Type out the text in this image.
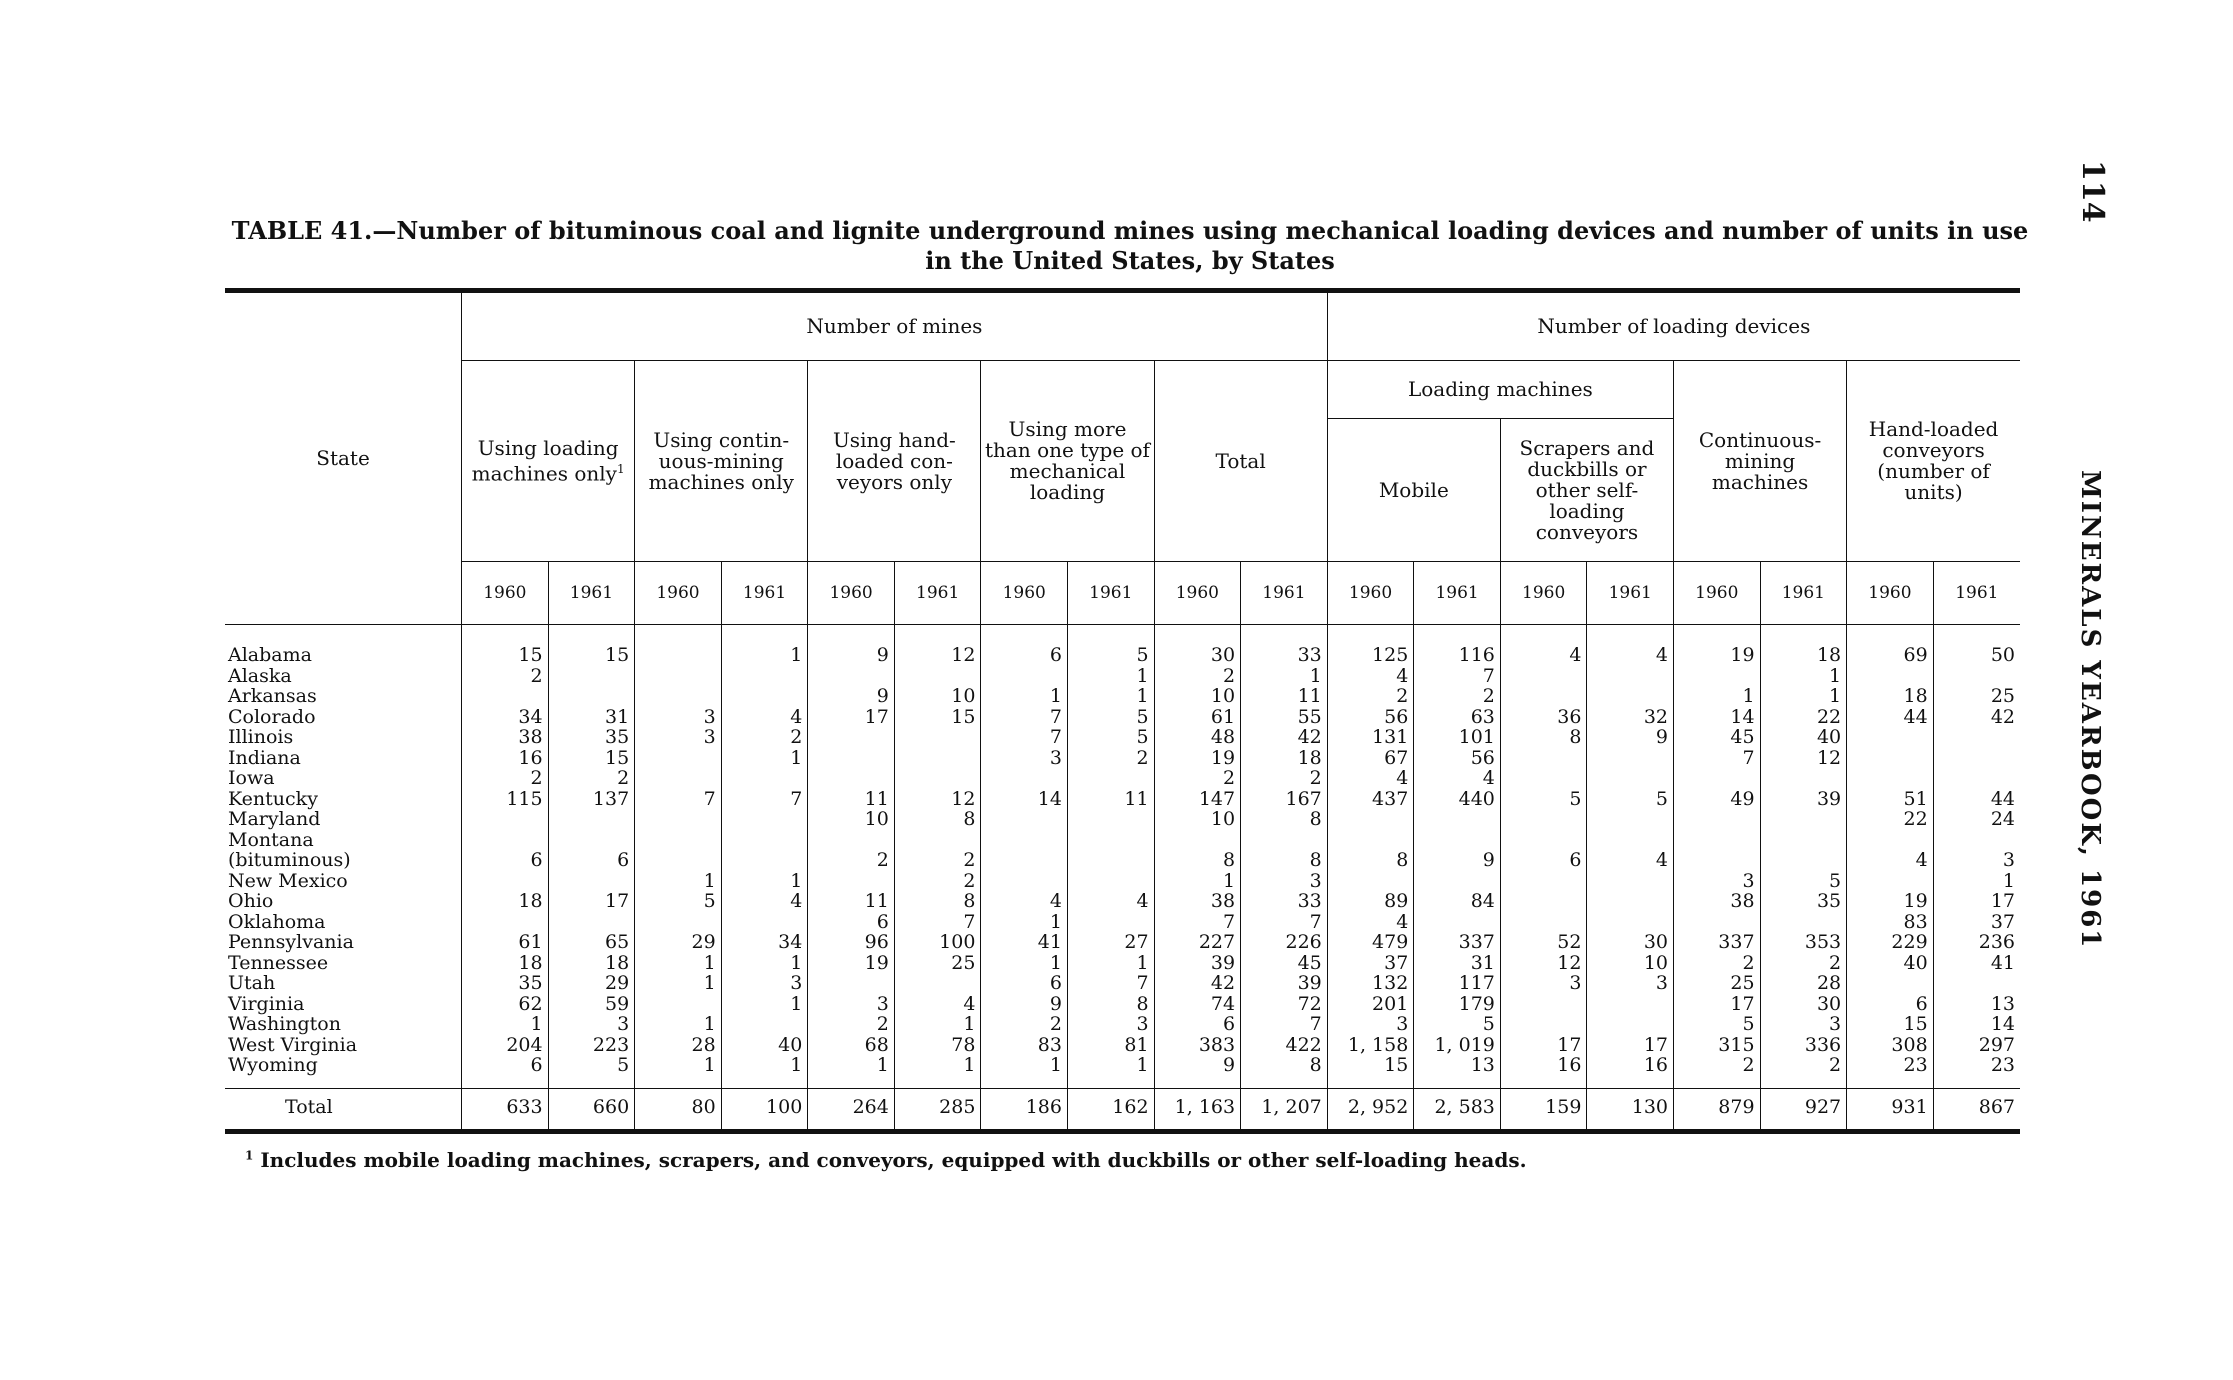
TABLE 41.—Number of bituminous coal and lignite underground mines using mechanical loading devices and number of units in use
in the United States, by States
114
MINERALS YEARBOOK, 1961
State	Number of mines										Number of loading devices							
	Using loading machines only$^1$		Using contin-uous-mining machines only		Using hand-loaded con-veyors only		Using more than one type of mechanical loading		Total		Loading machines				Continuous-mining machines		Hand-loaded conveyors (number of units)	
											Mobile		Scrapers and duckbills or other self-loading conveyors					
	1960	1961	1960	1961	1960	1961	1960	1961	1960	1961	1960	1961	1960	1961	1960	1961	1960	1961
Alabama	15	15		1	9	12	6	5	30	33	125	116	4	4	19	18	69	50
Alaska	2							1	2	1	4	7				1		
Arkansas					9	10	1	1	10	11	2	2			1	1	18	25
Colorado	34	31	3	4	17	15	7	5	61	55	56	63	36	32	14	22	44	42
Illinois	38	35	3	2			7	5	48	42	131	101	8	9	45	40		
Indiana	16	15		1			3	2	19	18	67	56			7	12		
Iowa	2	2							2	2	4	4						
Kentucky	115	137	7	7	11	12	14	11	147	167	437	440	5	5	49	39	51	44
Maryland					10	8			10	8							22	24
Montana																		
(bituminous)	6	6			2	2			8	8	8	9	6	4			4	3
New Mexico			1	1		2			1	3					3	5		1
Ohio	18	17	5	4	11	8	4	4	38	33	89	84			38	35	19	17
Oklahoma					6	7	1		7	7	4						83	37
Pennsylvania	61	65	29	34	96	100	41	27	227	226	479	337	52	30	337	353	229	236
Tennessee	18	18	1	1	19	25	1	1	39	45	37	31	12	10	2	2	40	41
Utah	35	29	1	3			6	7	42	39	132	117	3	3	25	28		
Virginia	62	59		1	3	4	9	8	74	72	201	179			17	30	6	13
Washington	1	3	1		2	1	2	3	6	7	3	5			5	3	15	14
West Virginia	204	223	28	40	68	78	83	81	383	422	1, 158	1, 019	17	17	315	336	308	297
Wyoming	6	5	1	1	1	1	1	1	9	8	15	13	16	16	2	2	23	23
Total	633	660	80	100	264	285	186	162	1, 163	1, 207	2, 952	2, 583	159	130	879	927	931	867
$^1$ Includes mobile loading machines, scrapers, and conveyors, equipped with duckbills or other self-loading heads.
